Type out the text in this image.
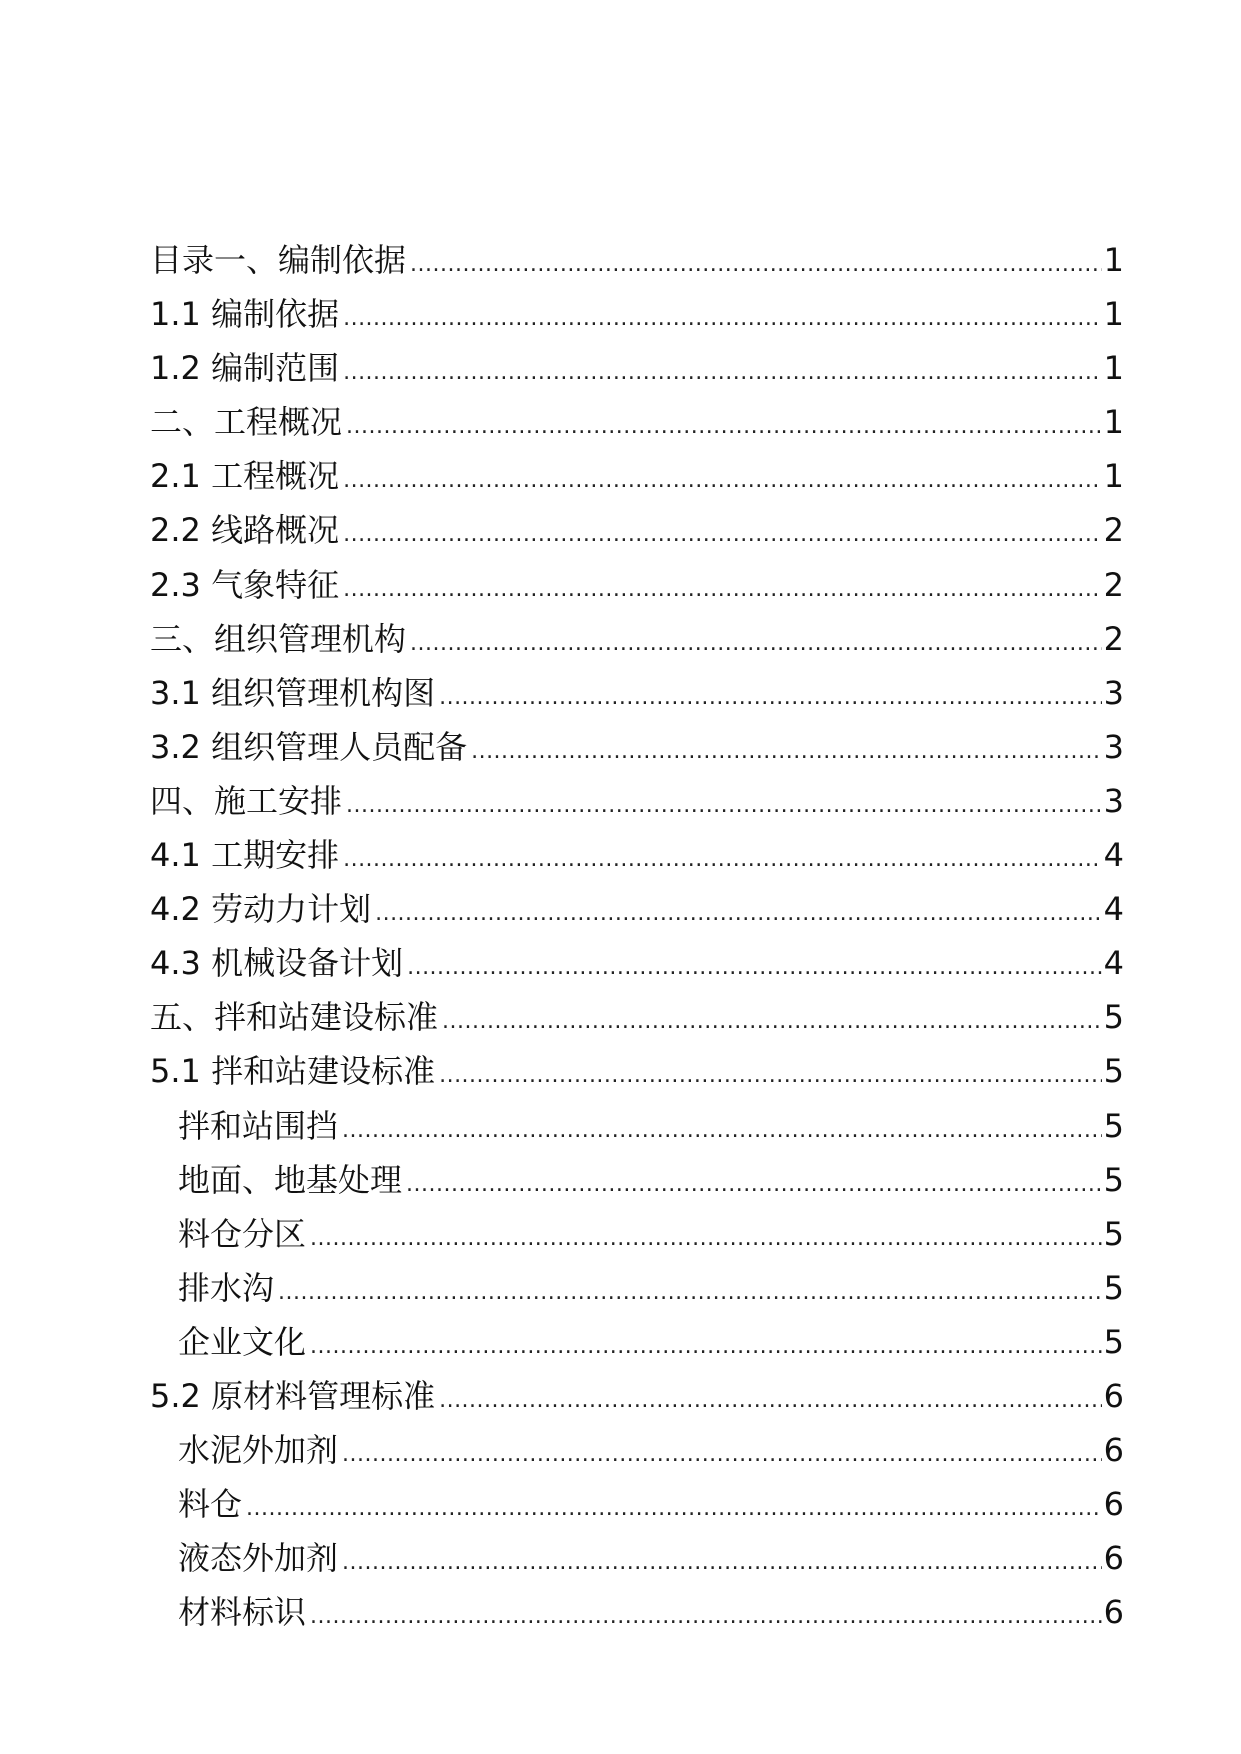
目录一、编制依据 .....	1
1.1 编制依据 .....	1
1.2 编制范围 .....	1
二、工程概况 .....	1
2.1 工程概况 .....	1
2.2 线路概况 .....	2
2.3 气象特征 .....	2
三、组织管理机构 .....	2
3.1 组织管理机构图 .....	3
3.2 组织管理人员配备 .....	3
四、施工安排 .....	3
4.1 工期安排 .....	4
4.2 劳动力计划 .....	4
4.3 机械设备计划 .....	4
五、拌和站建设标准 .....	5
5.1 拌和站建设标准 .....	5
拌和站围挡 .....	5
地面、地基处理 .....	5
料仓分区 .....	5
排水沟 .....	5
企业文化 .....	5
5.2 原材料管理标准 .....	6
水泥外加剂 .....	6
料仓 .....	6
液态外加剂 .....	6
材料标识 .....	6
